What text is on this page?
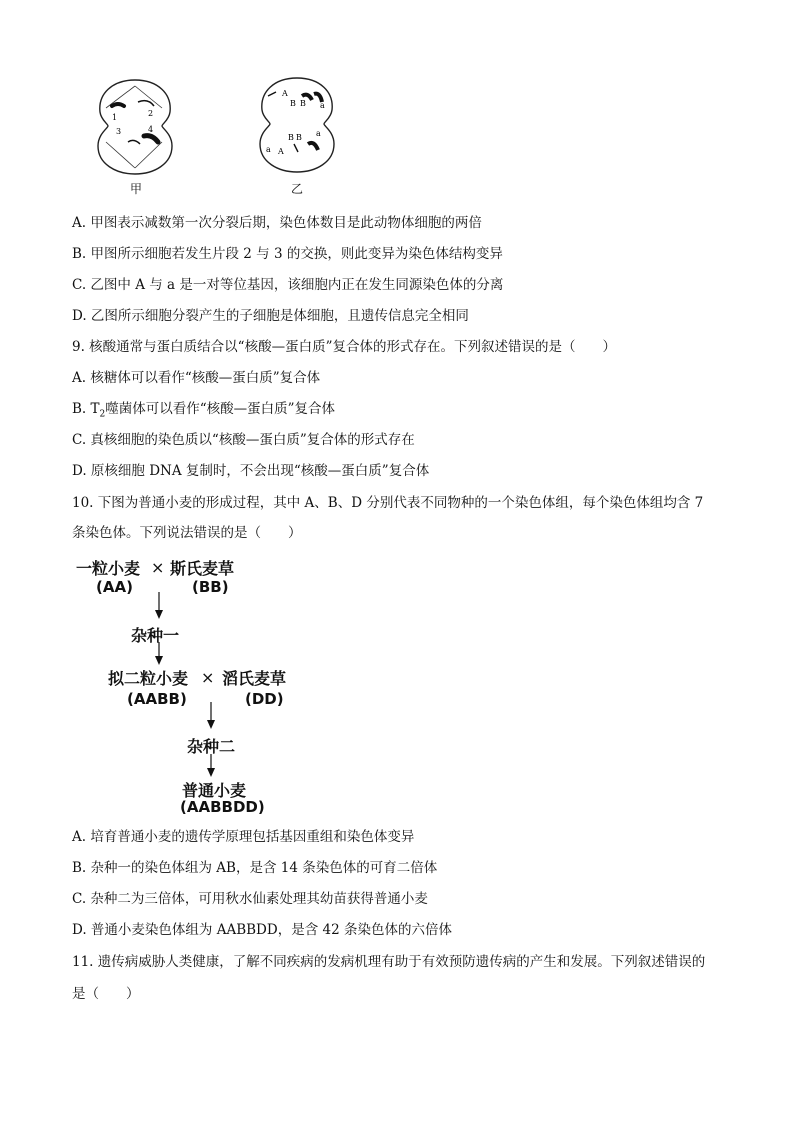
1	2
3	4
甲
A
B B a
B B a
a A
乙
A. 甲图表示减数第一次分裂后期，染色体数目是此动物体细胞的两倍
B. 甲图所示细胞若发生片段 2 与 3 的交换，则此变异为染色体结构变异
C. 乙图中 A 与 a 是一对等位基因，该细胞内正在发生同源染色体的分离
D. 乙图所示细胞分裂产生的子细胞是体细胞，且遗传信息完全相同
9. 核酸通常与蛋白质结合以“核酸—蛋白质”复合体的形式存在。下列叙述错误的是（　　）
A. 核糖体可以看作“核酸—蛋白质”复合体
B. $T_2$噬菌体可以看作“核酸—蛋白质”复合体
C. 真核细胞的染色质以“核酸—蛋白质”复合体的形式存在
D. 原核细胞 DNA 复制时，不会出现“核酸—蛋白质”复合体
10. 下图为普通小麦的形成过程，其中 A、B、D 分别代表不同物种的一个染色体组，每个染色体组均含 7
条染色体。下列说法错误的是（　　）
一粒小麦 × 斯氏麦草
(AA)	(BB)
杂种一
拟二粒小麦 × 滔氏麦草
(AABB)	(DD)
杂种二
普通小麦
(AABBDD)
A. 培育普通小麦的遗传学原理包括基因重组和染色体变异
B. 杂种一的染色体组为 AB，是含 14 条染色体的可育二倍体
C. 杂种二为三倍体，可用秋水仙素处理其幼苗获得普通小麦
D. 普通小麦染色体组为 AABBDD，是含 42 条染色体的六倍体
11. 遗传病威胁人类健康，了解不同疾病的发病机理有助于有效预防遗传病的产生和发展。下列叙述错误的
是（　　）
